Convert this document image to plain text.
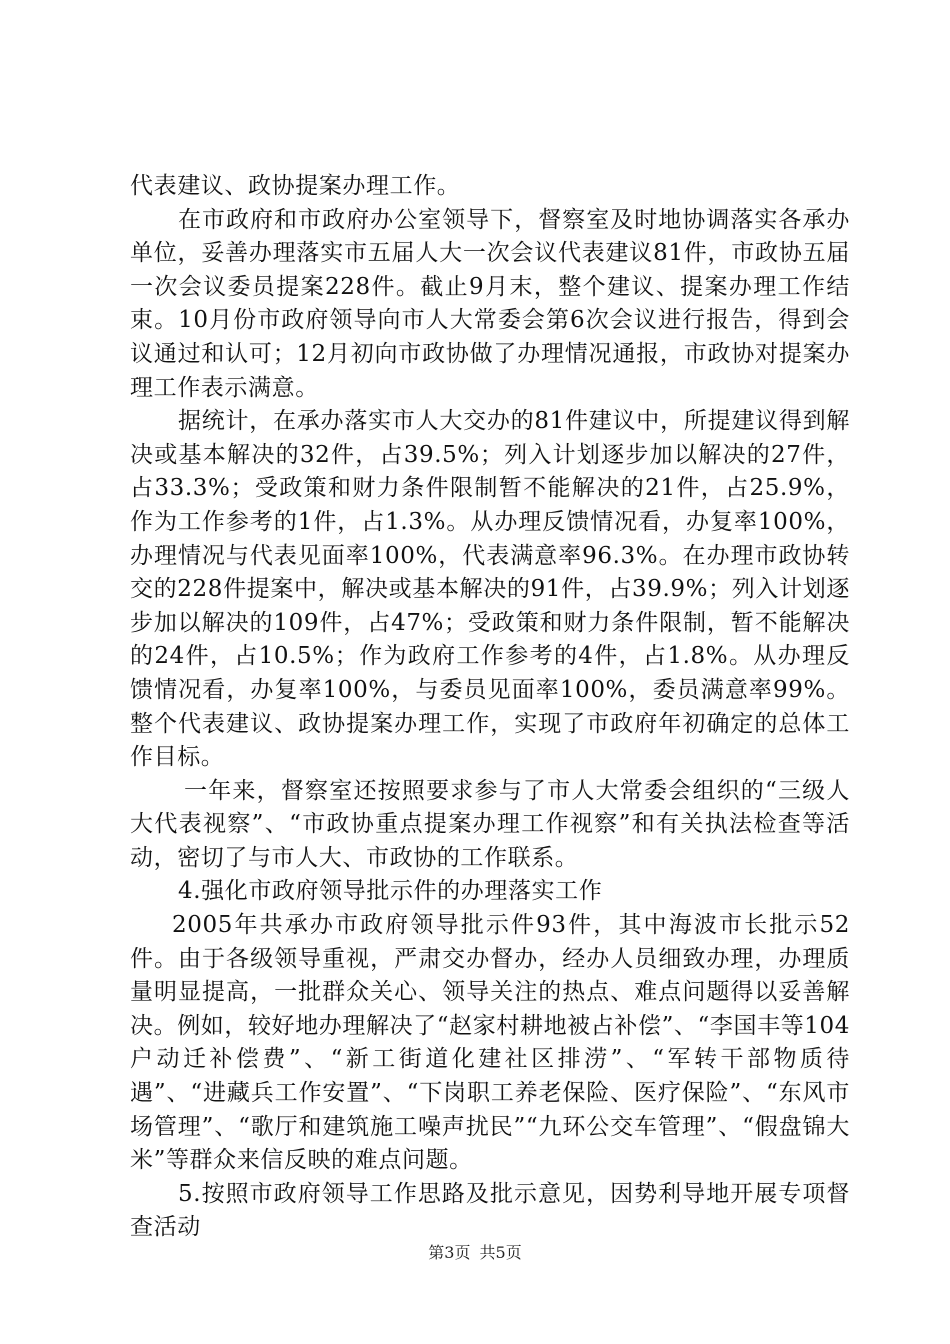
代表建议、政协提案办理工作。

在市政府和市政府办公室领导下，督察室及时地协调落实各承办单位，妥善办理落实市五届人大一次会议代表建议81件，市政协五届一次会议委员提案228件。截止9月末，整个建议、提案办理工作结束。10月份市政府领导向市人大常委会第6次会议进行报告，得到会议通过和认可；12月初向市政协做了办理情况通报，市政协对提案办理工作表示满意。

据统计，在承办落实市人大交办的81件建议中，所提建议得到解决或基本解决的32件，占39.5%；列入计划逐步加以解决的27件，占33.3%；受政策和财力条件限制暂不能解决的21件，占25.9%，作为工作参考的1件，占1.3%。从办理反馈情况看，办复率100%，办理情况与代表见面率100%，代表满意率96.3%。在办理市政协转交的228件提案中，解决或基本解决的91件，占39.9%；列入计划逐步加以解决的109件，占47%；受政策和财力条件限制，暂不能解决的24件，占10.5%；作为政府工作参考的4件，占1.8%。从办理反馈情况看，办复率100%，与委员见面率100%，委员满意率99%。整个代表建议、政协提案办理工作，实现了市政府年初确定的总体工作目标。

一年来，督察室还按照要求参与了市人大常委会组织的“三级人大代表视察”、“市政协重点提案办理工作视察”和有关执法检查等活动，密切了与市人大、市政协的工作联系。

4.强化市政府领导批示件的办理落实工作

2005年共承办市政府领导批示件93件，其中海波市长批示52件。由于各级领导重视，严肃交办督办，经办人员细致办理，办理质量明显提高，一批群众关心、领导关注的热点、难点问题得以妥善解决。例如，较好地办理解决了“赵家村耕地被占补偿”、“李国丰等104户动迁补偿费”、“新工街道化建社区排涝”、“军转干部物质待遇”、“进藏兵工作安置”、“下岗职工养老保险、医疗保险”、“东风市场管理”、“歌厅和建筑施工噪声扰民”“九环公交车管理”、“假盘锦大米”等群众来信反映的难点问题。

5.按照市政府领导工作思路及批示意见，因势利导地开展专项督查活动

第3页 共5页
